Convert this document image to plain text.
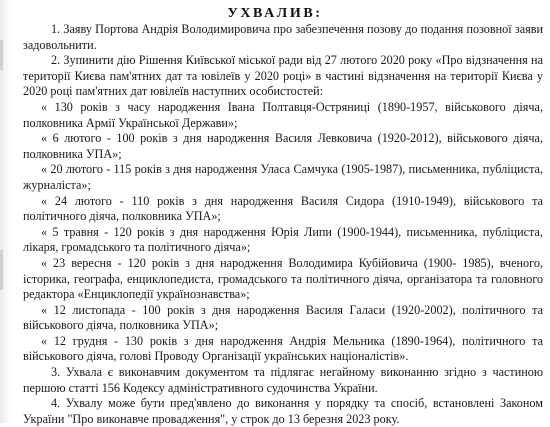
УХВАЛИВ:

1. Заяву Портова Андрія Володимировича про забезпечення позову до подання позовної заяви задовольнити.

2. Зупинити дію Рішення Київської міської ради від 27 лютого 2020 року «Про відзначення на території Києва пам'ятних дат та ювілеїв у 2020 році» в частині відзначення на території Києва у 2020 році пам'ятних дат ювілеїв наступних особистостей:

« 130 років з часу народження Івана Полтавця-Остряниці (1890-1957, військового діяча, полковника Армії Української Держави»;

« 6 лютого - 100 років з дня народження Василя Левковича (1920-2012), військового діяча, полковника УПА»;

« 20 лютого - 115 років з дня народження Уласа Самчука (1905-1987), письменника, публіциста, журналіста»;

« 24 лютого - 110 років з дня народження Василя Сидора (1910-1949), військового та політичного діяча, полковника УПА»;

« 5 травня - 120 років з дня народження Юрія Липи (1900-1944), письменника, публіциста, лікаря, громадського та політичного діяча»;

« 23 вересня - 120 років з дня народження Володимира Кубійовича (1900- 1985), вченого, історика, географа, енциклопедиста, громадського та політичного діяча, організатора та головного редактора «Енциклопедії українознавства»;

« 12 листопада - 100 років з дня народження Василя Галаси (1920-2002), політичного та військового діяча, полковника УПА»;

« 12 грудня - 130 років з дня народження Андрія Мельника (1890-1964), політичного та військового діяча, голові Проводу Організації українських націоналістів».

3. Ухвала є виконавчим документом та підлягає негайному виконанню згідно з частиною першою статті 156 Кодексу адміністративного судочинства України.

4. Ухвалу може бути пред'явлено до виконання у порядку та спосіб, встановлені Законом України "Про виконавче провадження", у строк до 13 березня 2023 року.
